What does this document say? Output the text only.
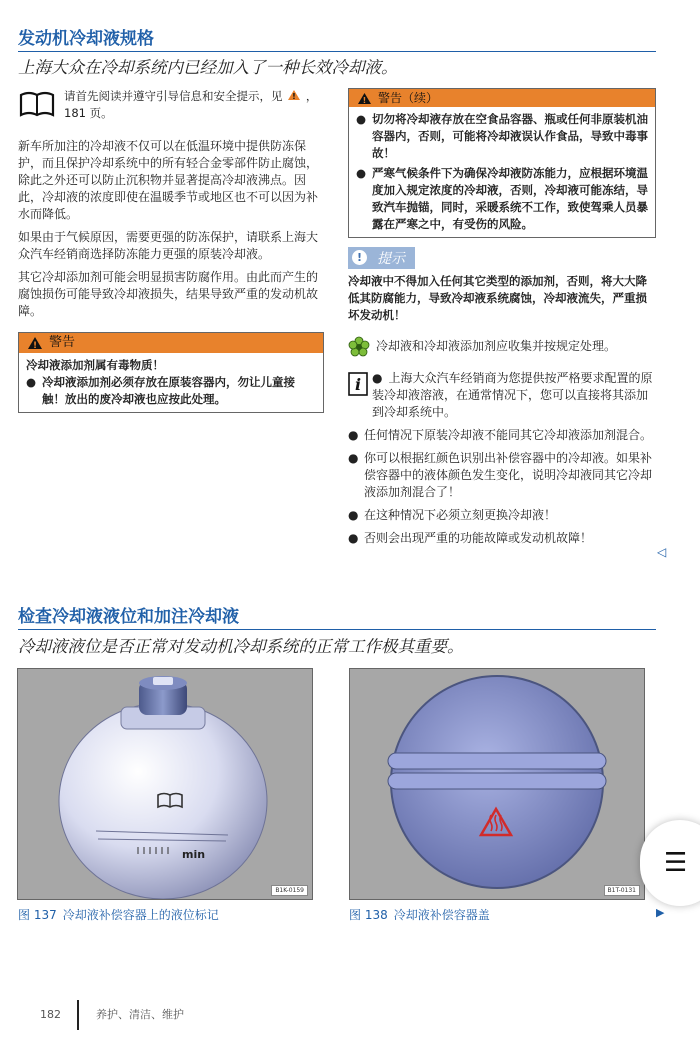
发动机冷却液规格
上海大众在冷却系统内已经加入了一种长效冷却液。
请首先阅读并遵守引导信息和安全提示，见 ! ，181 页。

新车所加注的冷却液不仅可以在低温环境中提供防冻保护，而且保护冷却系统中的所有轻合金零部件防止腐蚀，除此之外还可以防止沉积物并显著提高冷却液沸点。因此，冷却液的浓度即使在温暖季节或地区也不可以因为补水而降低。

如果由于气候原因，需要更强的防冻保护，请联系上海大众汽车经销商选择防冻能力更强的原装冷却液。

其它冷却添加剂可能会明显损害防腐作用。由此而产生的腐蚀损伤可能导致冷却液损失，结果导致严重的发动机故障。

! 警告
冷却液添加剂属有毒物质！
● 冷却液添加剂必须存放在原装容器内，勿让儿童接触！放出的废冷却液也应按此处理。
! 警告（续）
● 切勿将冷却液存放在空食品容器、瓶或任何非原装机油容器内，否则，可能将冷却液误认作食品，导致中毒事故！
● 严寒气候条件下为确保冷却液防冻能力，应根据环境温度加入规定浓度的冷却液，否则，冷却液可能冻结，导致汽车抛锚，同时，采暖系统不工作，致使驾乘人员暴露在严寒之中，有受伤的风险。
!	提示
冷却液中不得加入任何其它类型的添加剂，否则，将大大降低其防腐能力，导致冷却液系统腐蚀，冷却液流失，严重损坏发动机！
冷却液和冷却液添加剂应收集并按规定处理。
i ● 上海大众汽车经销商为您提供按严格要求配置的原装冷却液溶液，在通常情况下，您可以直接将其添加到冷却系统中。
● 任何情况下原装冷却液不能同其它冷却液添加剂混合。
● 你可以根据红颜色识别出补偿容器中的冷却液。如果补偿容器中的液体颜色发生变化，说明冷却液同其它冷却液添加剂混合了！
● 在这种情况下必须立刻更换冷却液！
● 否则会出现严重的功能故障或发动机故障！
◁
检查冷却液液位和加注冷却液
冷却液液位是否正常对发动机冷却系统的正常工作极其重要。
min
B1K-0159
图 137 冷却液补偿容器上的液位标记
B1T-0131
图 138 冷却液补偿容器盖	▶
☰
182	养护、清洁、维护
